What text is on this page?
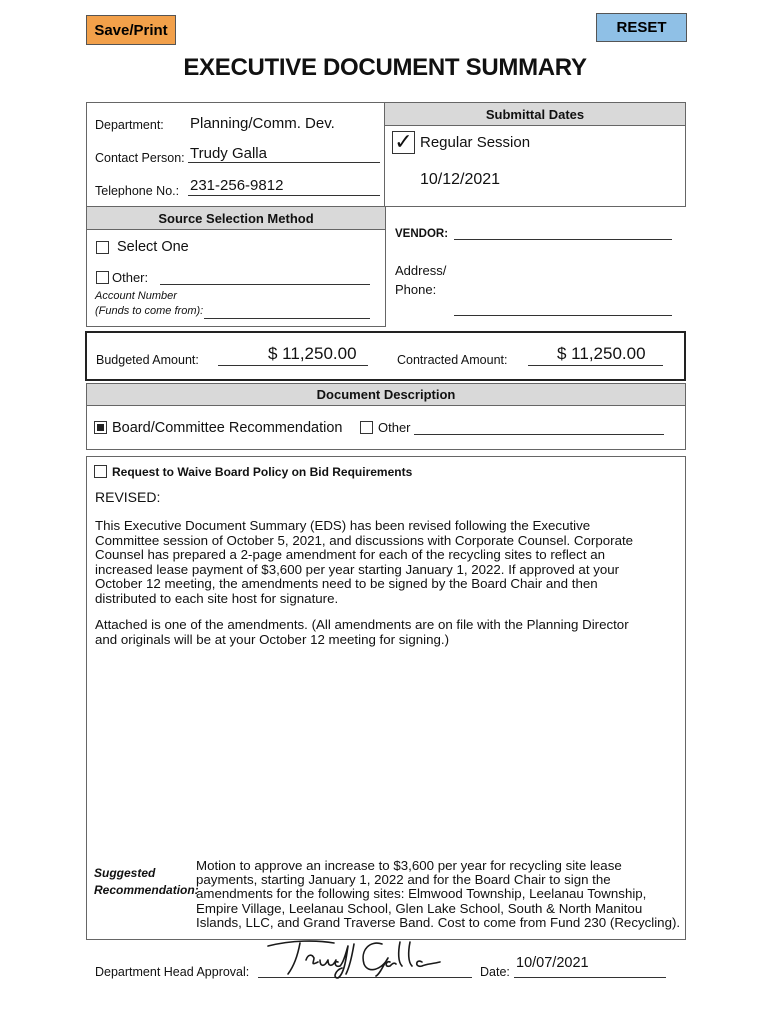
Save/Print	RESET
EXECUTIVE DOCUMENT SUMMARY
Department: Planning/Comm. Dev.
Contact Person: Trudy Galla
Telephone No.: 231-256-9812
Submittal Dates
✓ Regular Session
10/12/2021
Source Selection Method
Select One
Other:
Account Number
(Funds to come from):
VENDOR:
Address/
Phone:
Budgeted Amount:	$ 11,250.00	Contracted Amount:	$ 11,250.00
Document Description
Board/Committee Recommendation	Other
Request to Waive Board Policy on Bid Requirements
REVISED:
This Executive Document Summary (EDS) has been revised following the Executive
Committee session of October 5, 2021, and discussions with Corporate Counsel. Corporate
Counsel has prepared a 2-page amendment for each of the recycling sites to reflect an
increased lease payment of $3,600 per year starting January 1, 2022. If approved at your
October 12 meeting, the amendments need to be signed by the Board Chair and then
distributed to each site host for signature.
Attached is one of the amendments. (All amendments are on file with the Planning Director
and originals will be at your October 12 meeting for signing.)
Suggested
Recommendation:
Motion to approve an increase to $3,600 per year for recycling site lease
payments, starting January 1, 2022 and for the Board Chair to sign the
amendments for the following sites: Elmwood Township, Leelanau Township,
Empire Village, Leelanau School, Glen Lake School, South & North Manitou
Islands, LLC, and Grand Traverse Band. Cost to come from Fund 230 (Recycling).
Department Head Approval:	Date:
10/07/2021
